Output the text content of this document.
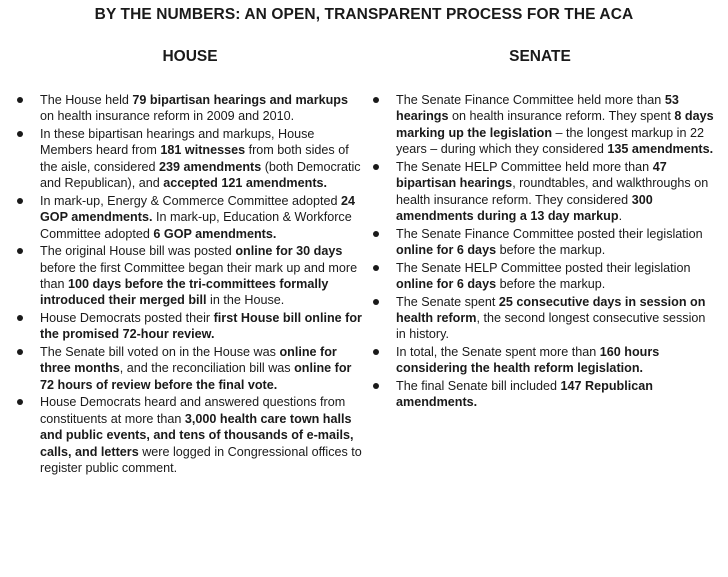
BY THE NUMBERS: AN OPEN, TRANSPARENT PROCESS FOR THE ACA
HOUSE	SENATE
The House held 79 bipartisan hearings and markups on health insurance reform in 2009 and 2010.
In these bipartisan hearings and markups, House Members heard from 181 witnesses from both sides of the aisle, considered 239 amendments (both Democratic and Republican), and accepted 121 amendments.
In mark-up, Energy & Commerce Committee adopted 24 GOP amendments. In mark-up, Education & Workforce Committee adopted 6 GOP amendments.
The original House bill was posted online for 30 days before the first Committee began their mark up and more than 100 days before the tri-committees formally introduced their merged bill in the House.
House Democrats posted their first House bill online for the promised 72-hour review.
The Senate bill voted on in the House was online for three months, and the reconciliation bill was online for 72 hours of review before the final vote.
House Democrats heard and answered questions from constituents at more than 3,000 health care town halls and public events, and tens of thousands of e-mails, calls, and letters were logged in Congressional offices to register public comment.
The Senate Finance Committee held more than 53 hearings on health insurance reform. They spent 8 days marking up the legislation – the longest markup in 22 years – during which they considered 135 amendments.
The Senate HELP Committee held more than 47 bipartisan hearings, roundtables, and walkthroughs on health insurance reform. They considered 300 amendments during a 13 day markup.
The Senate Finance Committee posted their legislation online for 6 days before the markup.
The Senate HELP Committee posted their legislation online for 6 days before the markup.
The Senate spent 25 consecutive days in session on health reform, the second longest consecutive session in history.
In total, the Senate spent more than 160 hours considering the health reform legislation.
The final Senate bill included 147 Republican amendments.
